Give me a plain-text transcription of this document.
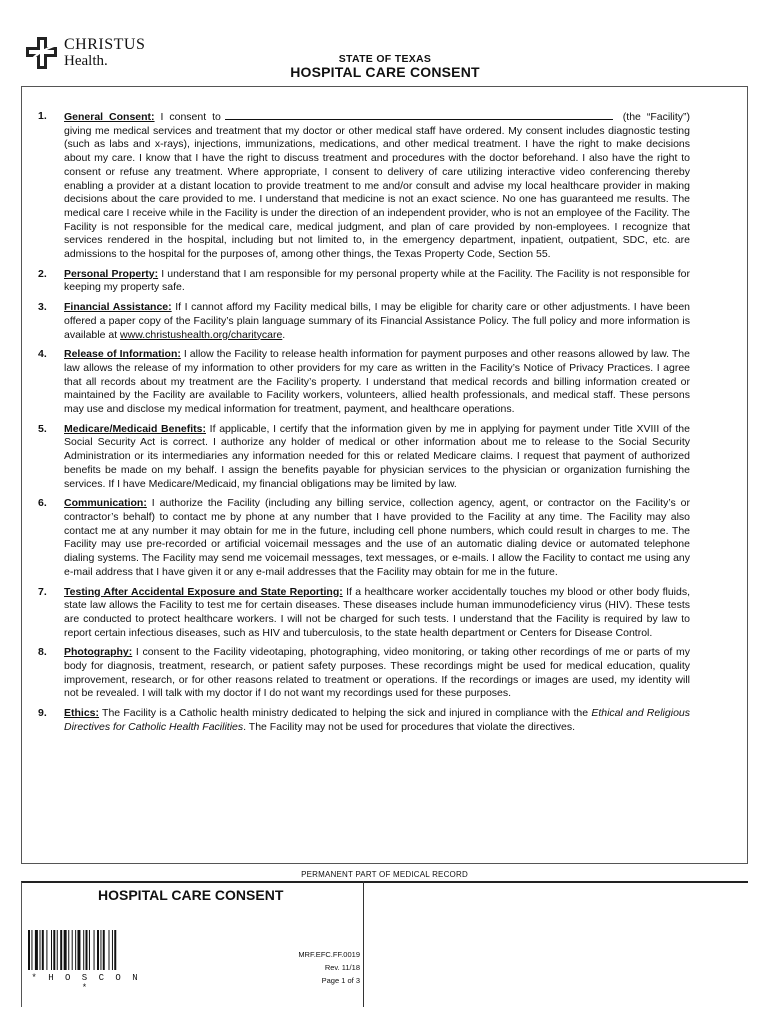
CHRISTUS
Health.	STATE OF TEXAS
HOSPITAL CARE CONSENT
1. General Consent: I consent to	(the “Facility”) giving me medical services and treatment that my doctor or other medical staff have ordered. My consent includes diagnostic testing (such as labs and x-rays), injections, immunizations, medications, and other medical treatment. I have the right to make decisions about my care. I know that I have the right to discuss treatment and procedures with the doctor beforehand. I also have the right to consent or refuse any treatment. Where appropriate, I consent to delivery of care utilizing interactive video conferencing thereby enabling a provider at a distant location to provide treatment to me and/or consult and advise my local healthcare provider in making decisions about the care provided to me. I understand that medicine is not an exact science. No one has guaranteed me results. The medical care I receive while in the Facility is under the direction of an independent provider, who is not an employee of the Facility. The Facility is not responsible for the medical care, medical judgment, and plan of care provided by non-employees. I recognize that services rendered in the hospital, including but not limited to, in the emergency department, inpatient, outpatient, SDC, etc. are admissions to the hospital for the purposes of, among other things, the Texas Property Code, Section 55.
2. Personal Property: I understand that I am responsible for my personal property while at the Facility. The Facility is not responsible for keeping my property safe.
3. Financial Assistance: If I cannot afford my Facility medical bills, I may be eligible for charity care or other adjustments. I have been offered a paper copy of the Facility’s plain language summary of its Financial Assistance Policy. The full policy and more information is available at www.christushealth.org/charitycare.
4. Release of Information: I allow the Facility to release health information for payment purposes and other reasons allowed by law. The law allows the release of my information to other providers for my care as written in the Facility’s Notice of Privacy Practices. I agree that all records about my treatment are the Facility’s property. I understand that medical records and billing information created or maintained by the Facility are available to Facility workers, volunteers, allied health professionals, and medical staff. These persons may use and disclose my medical information for treatment, payment, and healthcare operations.
5. Medicare/Medicaid Benefits: If applicable, I certify that the information given by me in applying for payment under Title XVIII of the Social Security Act is correct. I authorize any holder of medical or other information about me to release to the Social Security Administration or its intermediaries any information needed for this or related Medicare claims. I request that payment of authorized benefits be made on my behalf. I assign the benefits payable for physician services to the physician or organization furnishing the services. If I have Medicare/Medicaid, my financial obligations may be limited by law.
6. Communication: I authorize the Facility (including any billing service, collection agency, agent, or contractor on the Facility’s or contractor’s behalf) to contact me by phone at any number that I have provided to the Facility at any time. The Facility may also contact me at any number it may obtain for me in the future, including cell phone numbers, which could result in charges to me. The Facility may use pre-recorded or artificial voicemail messages and the use of an automatic dialing device or automated telephone dialing systems. The Facility may send me voicemail messages, text messages, or e-mails. I allow the Facility to contact me using any e-mail address that I have given it or any e-mail addresses that the Facility may obtain for me in the future.
7. Testing After Accidental Exposure and State Reporting: If a healthcare worker accidentally touches my blood or other body fluids, state law allows the Facility to test me for certain diseases. These diseases include human immunodeficiency virus (HIV). These tests are conducted to protect healthcare workers. I will not be charged for such tests. I understand that the Facility is required by law to report certain infectious diseases, such as HIV and tuberculosis, to the state health department or Centers for Disease Control.
8. Photography: I consent to the Facility videotaping, photographing, video monitoring, or taking other recordings of me or parts of my body for diagnosis, treatment, research, or patient safety purposes. These recordings might be used for medical education, quality improvement, research, or for other reasons related to treatment or operations. If the recordings or images are used, my identity will not be revealed. I will talk with my doctor if I do not want my recordings used for these purposes.
9. Ethics: The Facility is a Catholic health ministry dedicated to helping the sick and injured in compliance with the Ethical and Religious Directives for Catholic Health Facilities. The Facility may not be used for procedures that violate the directives.
PERMANENT PART OF MEDICAL RECORD
HOSPITAL CARE CONSENT
* H O S C O N *
MRF.EFC.FF.0019
Rev. 11/18
Page 1 of 3
